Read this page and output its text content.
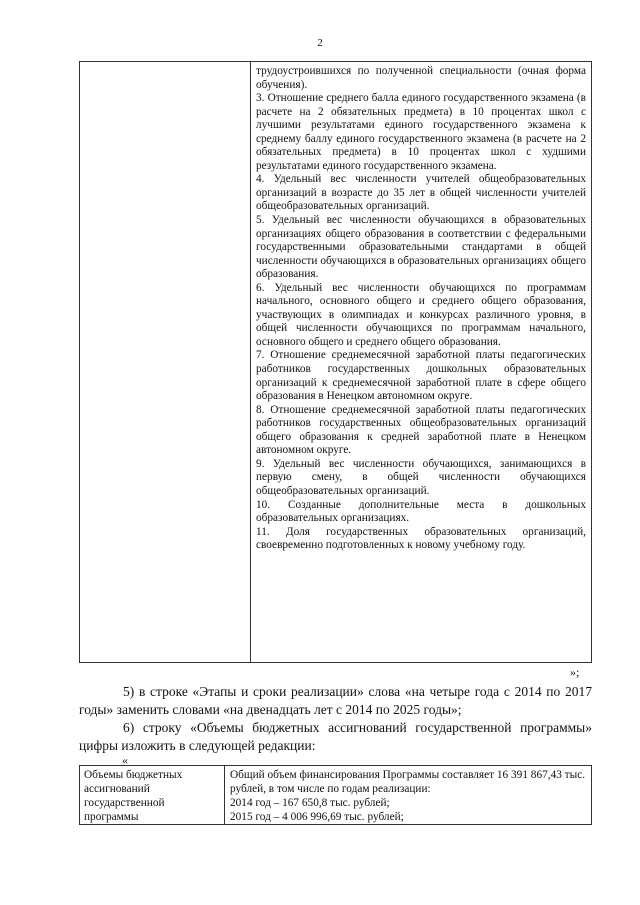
2

трудоустроившихся по полученной специальности (очная форма обучения).

3. Отношение среднего балла единого государственного экзамена (в расчете на 2 обязательных предмета) в 10 процентах школ с лучшими результатами единого государственного экзамена к среднему баллу единого государственного экзамена (в расчете на 2 обязательных предмета) в 10 процентах школ с худшими результатами единого государственного экзамена.

4. Удельный вес численности учителей общеобразовательных организаций в возрасте до 35 лет в общей численности учителей общеобразовательных организаций.

5. Удельный вес численности обучающихся в образовательных организациях общего образования в соответствии с федеральными государственными образовательными стандартами в общей численности обучающихся в образовательных организациях общего образования.

6. Удельный вес численности обучающихся по программам начального, основного общего и среднего общего образования, участвующих в олимпиадах и конкурсах различного уровня, в общей численности обучающихся по программам начального, основного общего и среднего общего образования.

7. Отношение среднемесячной заработной платы педагогических работников государственных дошкольных образовательных организаций к среднемесячной заработной плате в сфере общего образования в Ненецком автономном округе.

8. Отношение среднемесячной заработной платы педагогических работников государственных общеобразовательных организаций общего образования к средней заработной плате в Ненецком автономном округе.

9. Удельный вес численности обучающихся, занимающихся в первую смену, в общей численности обучающихся общеобразовательных организаций.

10. Созданные дополнительные места в дошкольных образовательных организациях.

11. Доля государственных образовательных организаций, своевременно подготовленных к новому учебному году.

»;
5) в строке «Этапы и сроки реализации» слова «на четыре года с 2014 по 2017 годы» заменить словами «на двенадцать лет с 2014 по 2025 годы»;
6) строку «Объемы бюджетных ассигнований государственной программы» цифры изложить в следующей редакции:
«
Объемы бюджетных ассигнований государственной программы

Общий объем финансирования Программы составляет 16 391 867,43 тыс. рублей, в том числе по годам реализации:

2014 год – 167 650,8 тыс. рублей;

2015 год – 4 006 996,69 тыс. рублей;
